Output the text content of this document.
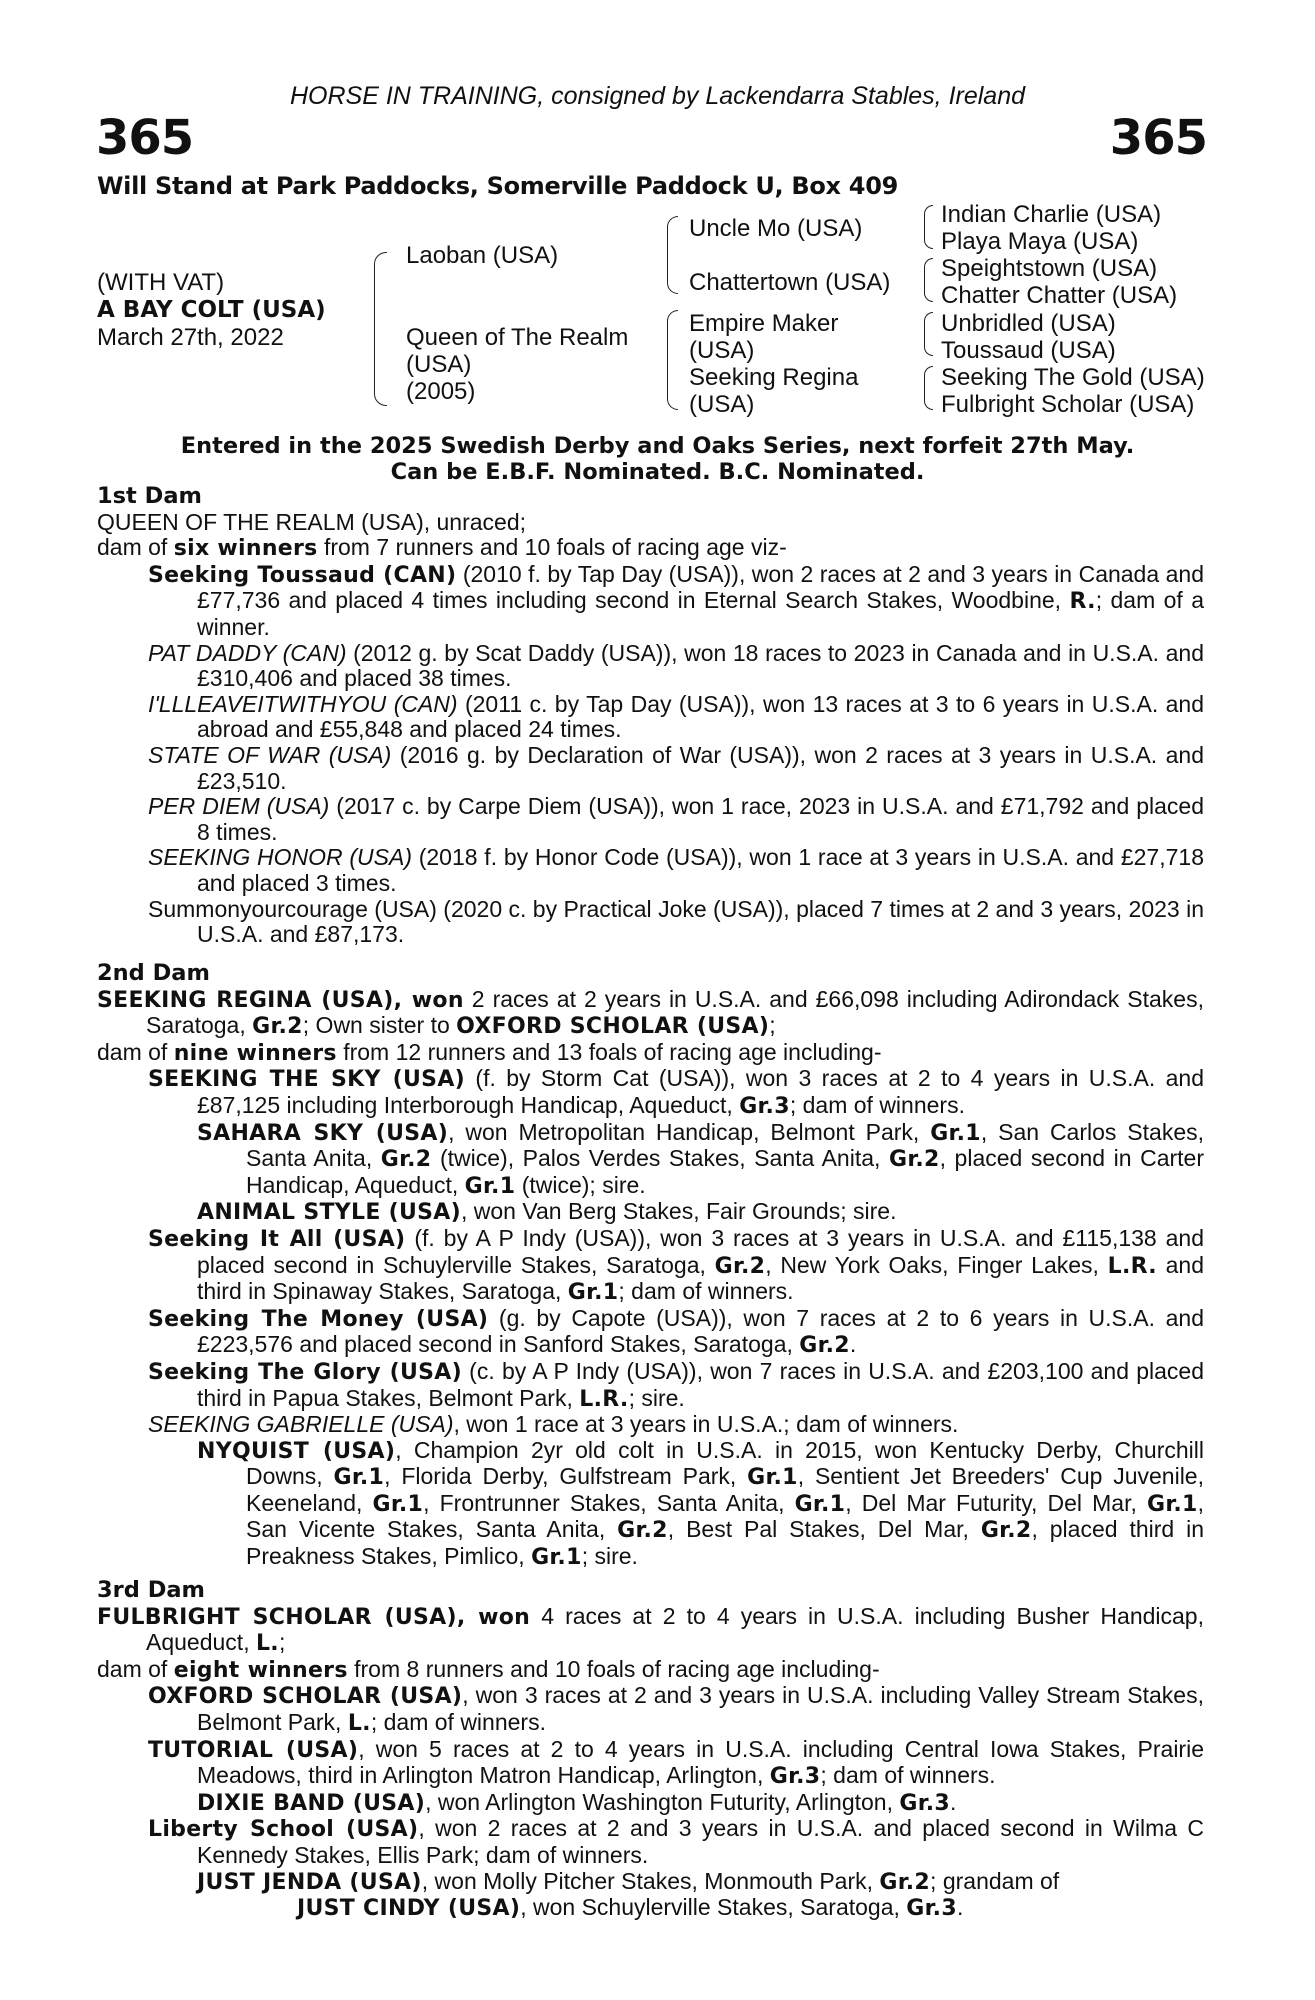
HORSE IN TRAINING, consigned by Lackendarra Stables, Ireland
365	365
Will Stand at Park Paddocks, Somerville Paddock U, Box 409
(WITH VAT)
A BAY COLT (USA)
March 27th, 2022
Laoban (USA)
Queen of The Realm
(USA)
(2005)
Uncle Mo (USA)
Chattertown (USA)
Empire Maker
(USA)
Seeking Regina
(USA)
Indian Charlie (USA)
Playa Maya (USA)
Speightstown (USA)
Chatter Chatter (USA)
Unbridled (USA)
Toussaud (USA)
Seeking The Gold (USA)
Fulbright Scholar (USA)
Entered in the 2025 Swedish Derby and Oaks Series, next forfeit 27th May.
Can be E.B.F. Nominated. B.C. Nominated.

1st Dam

QUEEN OF THE REALM (USA), unraced;

dam of six winners from 7 runners and 10 foals of racing age viz-

Seeking Toussaud (CAN) (2010 f. by Tap Day (USA)), won 2 races at 2 and 3 years in Canada and £77,736 and placed 4 times including second in Eternal Search Stakes, Woodbine, R.; dam of a winner.

PAT DADDY (CAN) (2012 g. by Scat Daddy (USA)), won 18 races to 2023 in Canada and in U.S.A. and £310,406 and placed 38 times.

I'LLLEAVEITWITHYOU (CAN) (2011 c. by Tap Day (USA)), won 13 races at 3 to 6 years in U.S.A. and abroad and £55,848 and placed 24 times.

STATE OF WAR (USA) (2016 g. by Declaration of War (USA)), won 2 races at 3 years in U.S.A. and £23,510.

PER DIEM (USA) (2017 c. by Carpe Diem (USA)), won 1 race, 2023 in U.S.A. and £71,792 and placed 8 times.

SEEKING HONOR (USA) (2018 f. by Honor Code (USA)), won 1 race at 3 years in U.S.A. and £27,718 and placed 3 times.

Summonyourcourage (USA) (2020 c. by Practical Joke (USA)), placed 7 times at 2 and 3 years, 2023 in U.S.A. and £87,173.

2nd Dam

SEEKING REGINA (USA), won 2 races at 2 years in U.S.A. and £66,098 including Adirondack Stakes, Saratoga, Gr.2; Own sister to OXFORD SCHOLAR (USA);

dam of nine winners from 12 runners and 13 foals of racing age including-

SEEKING THE SKY (USA) (f. by Storm Cat (USA)), won 3 races at 2 to 4 years in U.S.A. and £87,125 including Interborough Handicap, Aqueduct, Gr.3; dam of winners.

SAHARA SKY (USA), won Metropolitan Handicap, Belmont Park, Gr.1, San Carlos Stakes, Santa Anita, Gr.2 (twice), Palos Verdes Stakes, Santa Anita, Gr.2, placed second in Carter Handicap, Aqueduct, Gr.1 (twice); sire.

ANIMAL STYLE (USA), won Van Berg Stakes, Fair Grounds; sire.

Seeking It All (USA) (f. by A P Indy (USA)), won 3 races at 3 years in U.S.A. and £115,138 and placed second in Schuylerville Stakes, Saratoga, Gr.2, New York Oaks, Finger Lakes, L.R. and third in Spinaway Stakes, Saratoga, Gr.1; dam of winners.

Seeking The Money (USA) (g. by Capote (USA)), won 7 races at 2 to 6 years in U.S.A. and £223,576 and placed second in Sanford Stakes, Saratoga, Gr.2.

Seeking The Glory (USA) (c. by A P Indy (USA)), won 7 races in U.S.A. and £203,100 and placed third in Papua Stakes, Belmont Park, L.R.; sire.

SEEKING GABRIELLE (USA), won 1 race at 3 years in U.S.A.; dam of winners.

NYQUIST (USA), Champion 2yr old colt in U.S.A. in 2015, won Kentucky Derby, Churchill Downs, Gr.1, Florida Derby, Gulfstream Park, Gr.1, Sentient Jet Breeders' Cup Juvenile, Keeneland, Gr.1, Frontrunner Stakes, Santa Anita, Gr.1, Del Mar Futurity, Del Mar, Gr.1, San Vicente Stakes, Santa Anita, Gr.2, Best Pal Stakes, Del Mar, Gr.2, placed third in Preakness Stakes, Pimlico, Gr.1; sire.

3rd Dam

FULBRIGHT SCHOLAR (USA), won 4 races at 2 to 4 years in U.S.A. including Busher Handicap, Aqueduct, L.;

dam of eight winners from 8 runners and 10 foals of racing age including-

OXFORD SCHOLAR (USA), won 3 races at 2 and 3 years in U.S.A. including Valley Stream Stakes, Belmont Park, L.; dam of winners.

TUTORIAL (USA), won 5 races at 2 to 4 years in U.S.A. including Central Iowa Stakes, Prairie Meadows, third in Arlington Matron Handicap, Arlington, Gr.3; dam of winners.

DIXIE BAND (USA), won Arlington Washington Futurity, Arlington, Gr.3.

Liberty School (USA), won 2 races at 2 and 3 years in U.S.A. and placed second in Wilma C Kennedy Stakes, Ellis Park; dam of winners.

JUST JENDA (USA), won Molly Pitcher Stakes, Monmouth Park, Gr.2; grandam of

JUST CINDY (USA), won Schuylerville Stakes, Saratoga, Gr.3.
